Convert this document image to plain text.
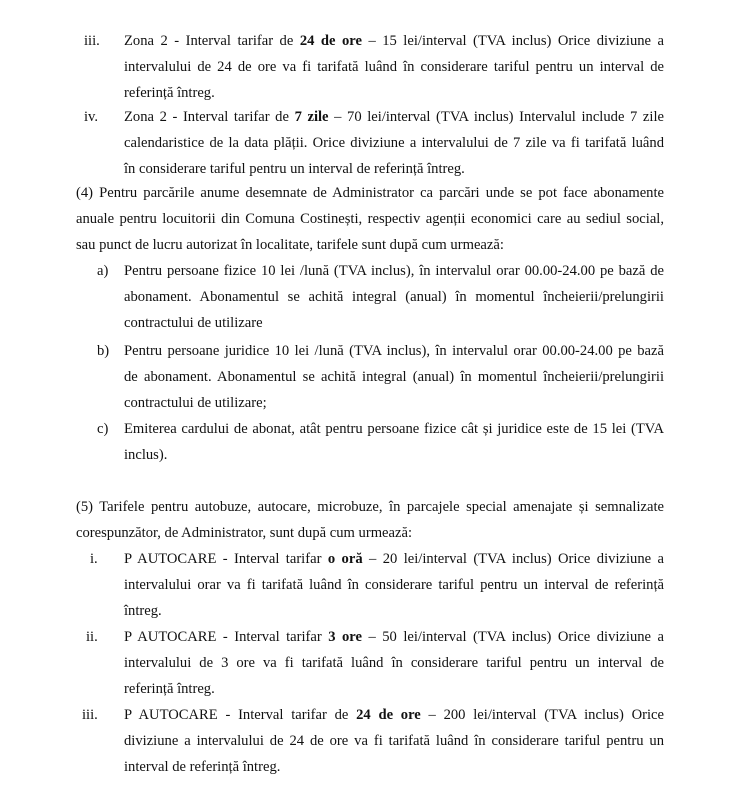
iii. Zona 2 - Interval tarifar de 24 de ore – 15 lei/interval (TVA inclus) Orice diviziune a
intervalului de 24 de ore va fi tarifată luând în considerare tariful pentru un interval de
referință întreg.
iv. Zona 2 - Interval tarifar de 7 zile – 70 lei/interval (TVA inclus) Intervalul include 7 zile
calendaristice de la data plății. Orice diviziune a intervalului de 7 zile va fi tarifată luând
în considerare tariful pentru un interval de referință întreg.
(4) Pentru parcările anume desemnate de Administrator ca parcări unde se pot face abonamente
anuale pentru locuitorii din Comuna Costinești, respectiv agenții economici care au sediul social,
sau punct de lucru autorizat în localitate, tarifele sunt după cum urmează:
a) Pentru persoane fizice 10 lei /lună (TVA inclus), în intervalul orar 00.00-24.00 pe bază de
abonament. Abonamentul se achită integral (anual) în momentul încheierii/prelungirii
contractului de utilizare
b) Pentru persoane juridice 10 lei /lună (TVA inclus), în intervalul orar 00.00-24.00 pe bază
de abonament. Abonamentul se achită integral (anual) în momentul încheierii/prelungirii
contractului de utilizare;
c) Emiterea cardului de abonat, atât pentru persoane fizice cât și juridice este de 15 lei (TVA
inclus).
(5) Tarifele pentru autobuze, autocare, microbuze, în parcajele special amenajate și semnalizate
corespunzător, de Administrator, sunt după cum urmează:
i. P AUTOCARE - Interval tarifar o oră – 20 lei/interval (TVA inclus) Orice diviziune a
intervalului orar va fi tarifată luând în considerare tariful pentru un interval de referință
întreg.
ii. P AUTOCARE - Interval tarifar 3 ore – 50 lei/interval (TVA inclus) Orice diviziune a
intervalului de 3 ore va fi tarifată luând în considerare tariful pentru un interval de
referință întreg.
iii. P AUTOCARE - Interval tarifar de 24 de ore – 200 lei/interval (TVA inclus) Orice
diviziune a intervalului de 24 de ore va fi tarifată luând în considerare tariful pentru un
interval de referință întreg.
